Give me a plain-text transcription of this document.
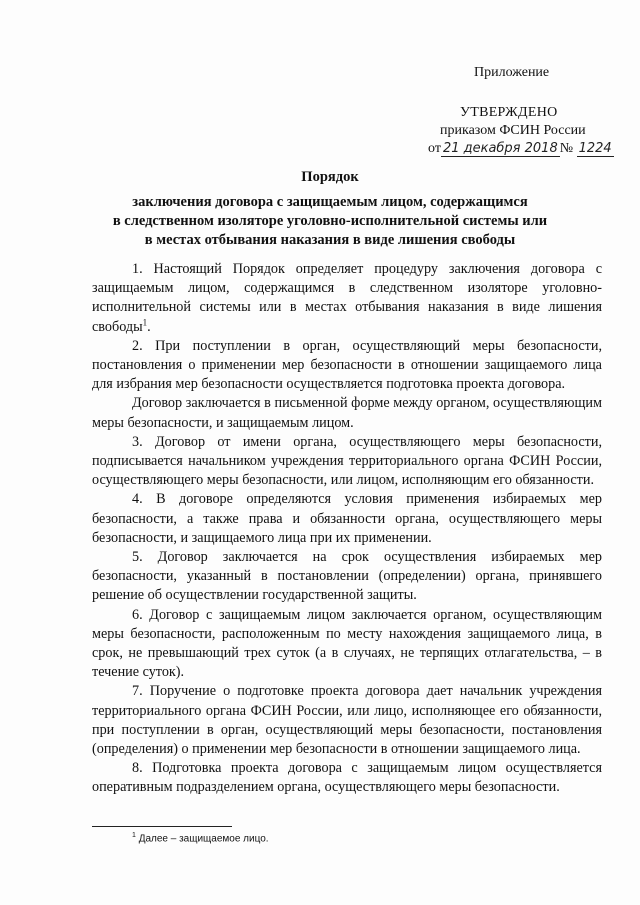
Приложение
УТВЕРЖДЕНО
приказом ФСИН России
от 21 декабря 2018 № 1224
Порядок
заключения договора с защищаемым лицом, содержащимся
в следственном изоляторе уголовно-исполнительной системы или
в местах отбывания наказания в виде лишения свободы

1. Настоящий Порядок определяет процедуру заключения договора с защищаемым лицом, содержащимся в следственном изоляторе уголовно-исполнительной системы или в местах отбывания наказания в виде лишения свободы$^1$.

2. При поступлении в орган, осуществляющий меры безопасности, постановления о применении мер безопасности в отношении защищаемого лица для избрания мер безопасности осуществляется подготовка проекта договора.

Договор заключается в письменной форме между органом, осуществляющим меры безопасности, и защищаемым лицом.

3. Договор от имени органа, осуществляющего меры безопасности, подписывается начальником учреждения территориального органа ФСИН России, осуществляющего меры безопасности, или лицом, исполняющим его обязанности.

4. В договоре определяются условия применения избираемых мер безопасности, а также права и обязанности органа, осуществляющего меры безопасности, и защищаемого лица при их применении.

5. Договор заключается на срок осуществления избираемых мер безопасности, указанный в постановлении (определении) органа, принявшего решение об осуществлении государственной защиты.

6. Договор с защищаемым лицом заключается органом, осуществляющим меры безопасности, расположенным по месту нахождения защищаемого лица, в срок, не превышающий трех суток (а в случаях, не терпящих отлагательства, – в течение суток).

7. Поручение о подготовке проекта договора дает начальник учреждения территориального органа ФСИН России, или лицо, исполняющее его обязанности, при поступлении в орган, осуществляющий меры безопасности, постановления (определения) о применении мер безопасности в отношении защищаемого лица.

8. Подготовка проекта договора с защищаемым лицом осуществляется оперативным подразделением органа, осуществляющего меры безопасности.

$^1$ Далее – защищаемое лицо.
